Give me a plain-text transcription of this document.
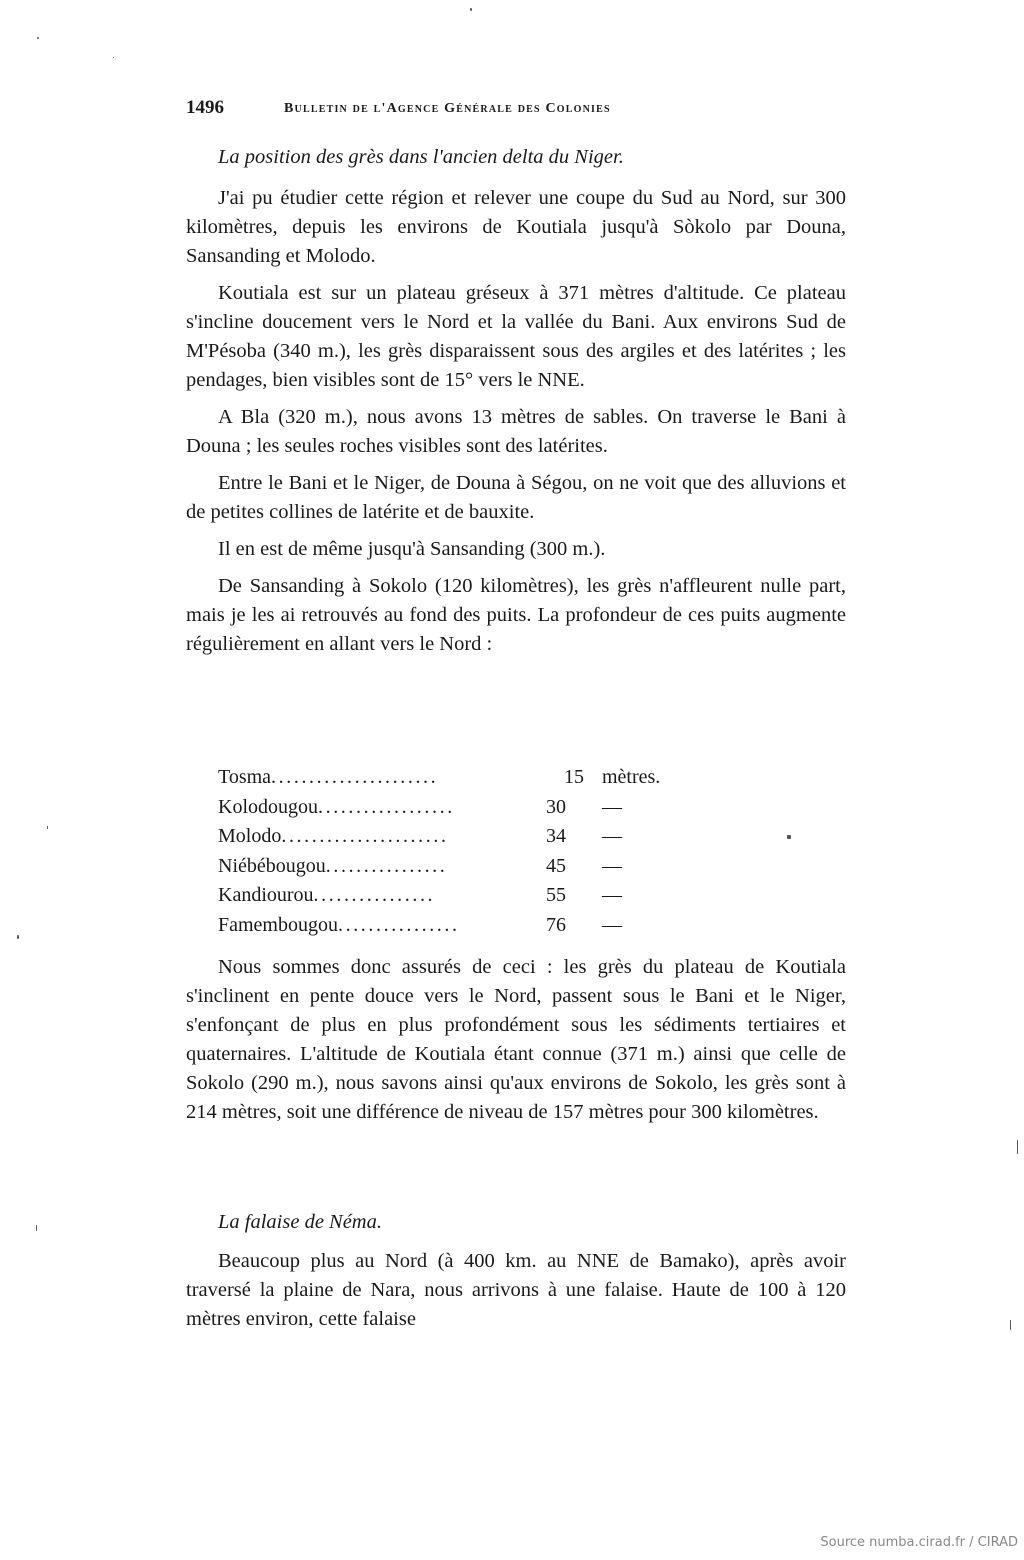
1496	Bulletin de l'Agence Générale des Colonies
La position des grès dans l'ancien delta du Niger.

J'ai pu étudier cette région et relever une coupe du Sud au Nord, sur 300 kilomètres, depuis les environs de Koutiala jusqu'à Sòkolo par Douna, Sansanding et Molodo.

Koutiala est sur un plateau gréseux à 371 mètres d'altitude. Ce plateau s'incline doucement vers le Nord et la vallée du Bani. Aux environs Sud de M'Pésoba (340 m.), les grès disparaissent sous des argiles et des latérites ; les pendages, bien visibles sont de 15° vers le NNE.

A Bla (320 m.), nous avons 13 mètres de sables. On traverse le Bani à Douna ; les seules roches visibles sont des latérites.

Entre le Bani et le Niger, de Douna à Ségou, on ne voit que des alluvions et de petites collines de latérite et de bauxite.

Il en est de même jusqu'à Sansanding (300 m.).

De Sansanding à Sokolo (120 kilomètres), les grès n'affleurent nulle part, mais je les ai retrouvés au fond des puits. La profondeur de ces puits augmente régulièrement en allant vers le Nord :

Tosma ......................	15 mètres.
Kolodougou ..................	30	—
Molodo ......................	34	—
Niébébougou ................	45	—
Kandiourou ................	55	—
Famembougou ................	76	—

Nous sommes donc assurés de ceci : les grès du plateau de Koutiala s'inclinent en pente douce vers le Nord, passent sous le Bani et le Niger, s'enfonçant de plus en plus profondément sous les sédiments tertiaires et quaternaires. L'altitude de Koutiala étant connue (371 m.) ainsi que celle de Sokolo (290 m.), nous savons ainsi qu'aux environs de Sokolo, les grès sont à 214 mètres, soit une différence de niveau de 157 mètres pour 300 kilomètres.

La falaise de Néma.

Beaucoup plus au Nord (à 400 km. au NNE de Bamako), après avoir traversé la plaine de Nara, nous arrivons à une falaise. Haute de 100 à 120 mètres environ, cette falaise

Source numba.cirad.fr / CIRAD
